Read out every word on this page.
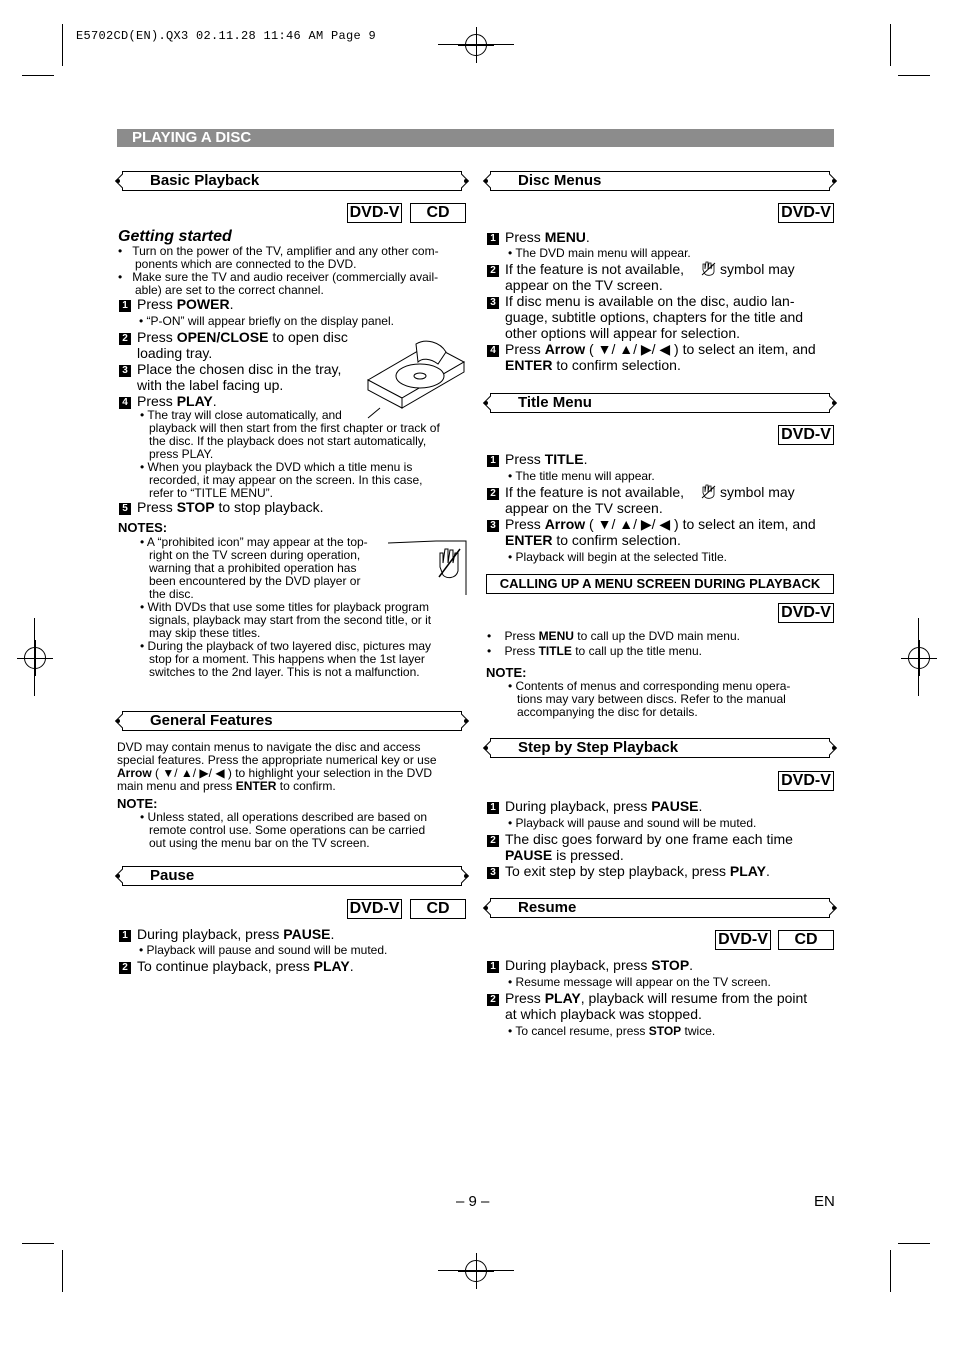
E5702CD(EN).QX3 02.11.28 11:46 AM Page 9
PLAYING A DISC
Basic Playback
DVD-V	CD
Getting started
•   Turn on the power of the TV, amplifier and any other com-
ponents which are connected to the DVD.
•   Make sure the TV and audio receiver (commercially avail-
able) are set to the correct channel.
1 Press POWER.
• “P-ON” will appear briefly on the display panel.
2 Press OPEN/CLOSE to open disc
loading tray.
3 Place the chosen disc in the tray,
with the label facing up.
4 Press PLAY.
• The tray will close automatically, and
playback will then start from the first chapter or track of
the disc. If the playback does not start automatically,
press PLAY.
• When you playback the DVD which a title menu is
recorded, it may appear on the screen. In this case,
refer to “TITLE MENU”.
5 Press STOP to stop playback.
NOTES:
• A “prohibited icon” may appear at the top-
right on the TV screen during operation,
warning that a prohibited operation has
been encountered by the DVD player or
the disc.
• With DVDs that use some titles for playback program
signals, playback may start from the second title, or it
may skip these titles.
• During the playback of two layered disc, pictures may
stop for a moment. This happens when the 1st layer
switches to the 2nd layer. This is not a malfunction.
General Features
DVD may contain menus to navigate the disc and access
special features. Press the appropriate numerical key or use
Arrow ( ▼/ ▲/ ▶/ ◀ ) to highlight your selection in the DVD
main menu and press ENTER to confirm.
NOTE:
• Unless stated, all operations described are based on
remote control use. Some operations can be carried
out using the menu bar on the TV screen.
Pause
DVD-V	CD
1 During playback, press PAUSE.
• Playback will pause and sound will be muted.
2 To continue playback, press PLAY.
Disc Menus
DVD-V
1 Press MENU.
• The DVD main menu will appear.
2 If the feature is not available,	symbol may
appear on the TV screen.
3 If disc menu is available on the disc, audio lan-
guage, subtitle options, chapters for the title and
other options will appear for selection.
4 Press Arrow ( ▼/ ▲/ ▶/ ◀ ) to select an item, and
ENTER to confirm selection.
Title Menu
DVD-V
1 Press TITLE.
• The title menu will appear.
2 If the feature is not available,	symbol may
appear on the TV screen.
3 Press Arrow ( ▼/ ▲/ ▶/ ◀ ) to select an item, and
ENTER to confirm selection.
• Playback will begin at the selected Title.
CALLING UP A MENU SCREEN DURING PLAYBACK
DVD-V
•    Press MENU to call up the DVD main menu.
•    Press TITLE to call up the title menu.
NOTE:
• Contents of menus and corresponding menu opera-
tions may vary between discs. Refer to the manual
accompanying the disc for details.
Step by Step Playback
DVD-V
1 During playback, press PAUSE.
• Playback will pause and sound will be muted.
2 The disc goes forward by one frame each time
PAUSE is pressed.
3 To exit step by step playback, press PLAY.
Resume
DVD-V	CD
1 During playback, press STOP.
• Resume message will appear on the TV screen.
2 Press PLAY, playback will resume from the point
at which playback was stopped.
• To cancel resume, press STOP twice.
– 9 –	EN
